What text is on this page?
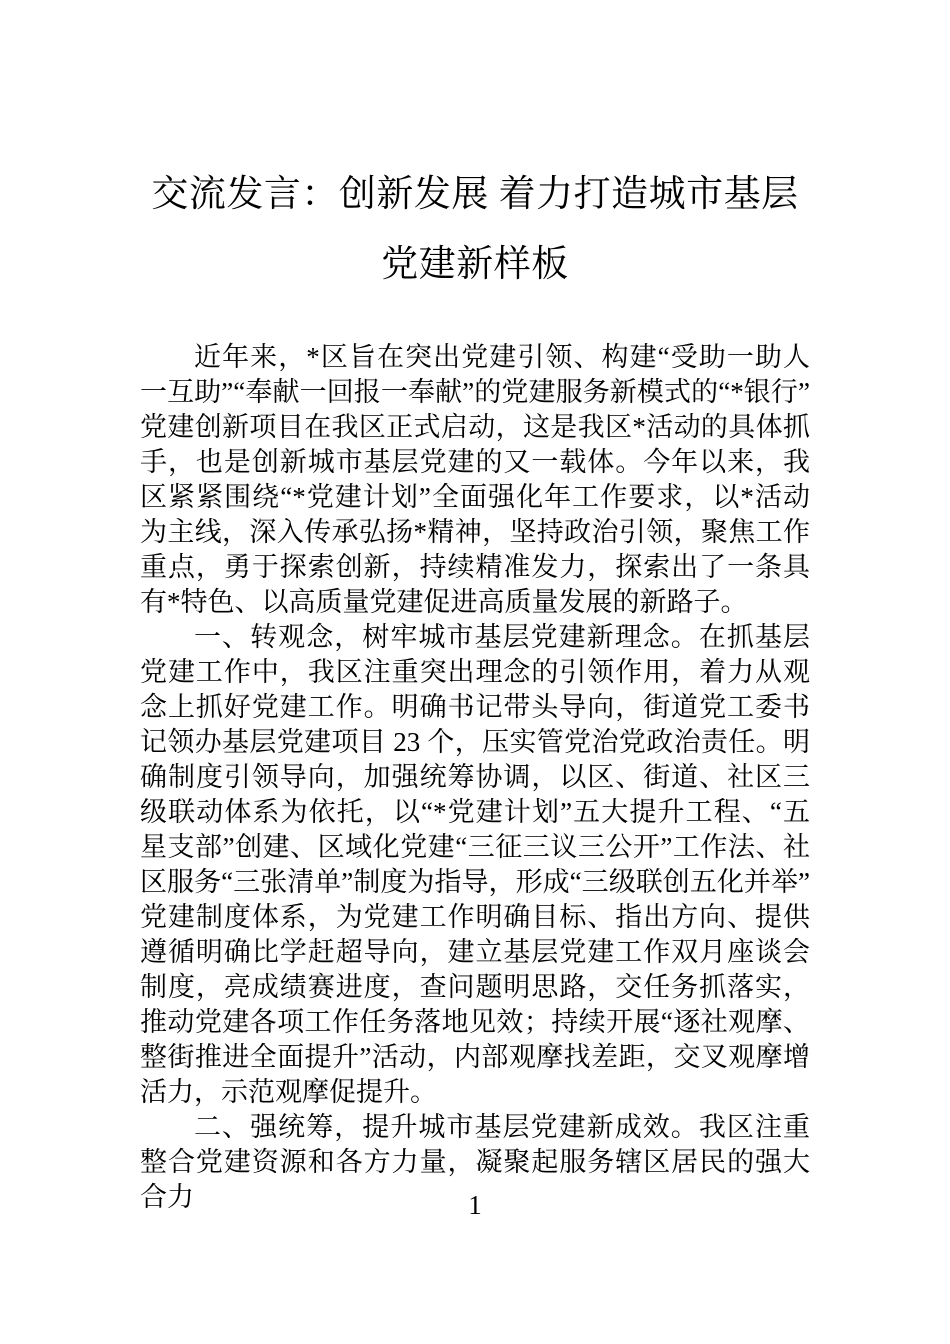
交流发言：创新发展 着力打造城市基层党建新样板

近年来，*区旨在突出党建引领、构建“受助一助人一互助”“奉献一回报一奉献”的党建服务新模式的“*银行”党建创新项目在我区正式启动，这是我区*活动的具体抓手，也是创新城市基层党建的又一载体。今年以来，我区紧紧围绕“*党建计划”全面强化年工作要求，以*活动为主线，深入传承弘扬*精神，坚持政治引领，聚焦工作重点，勇于探索创新，持续精准发力，探索出了一条具有*特色、以高质量党建促进高质量发展的新路子。

一、转观念，树牢城市基层党建新理念。在抓基层党建工作中，我区注重突出理念的引领作用，着力从观念上抓好党建工作。明确书记带头导向，街道党工委书记领办基层党建项目 23 个，压实管党治党政治责任。明确制度引领导向，加强统筹协调，以区、街道、社区三级联动体系为依托，以“*党建计划”五大提升工程、“五星支部”创建、区域化党建“三征三议三公开”工作法、社区服务“三张清单”制度为指导，形成“三级联创五化并举”党建制度体系，为党建工作明确目标、指出方向、提供遵循明确比学赶超导向，建立基层党建工作双月座谈会制度，亮成绩赛进度，查问题明思路，交任务抓落实，推动党建各项工作任务落地见效；持续开展“逐社观摩、整街推进全面提升”活动，内部观摩找差距，交叉观摩增活力，示范观摩促提升。

二、强统筹，提升城市基层党建新成效。我区注重整合党建资源和各方力量，凝聚起服务辖区居民的强大合力	1
